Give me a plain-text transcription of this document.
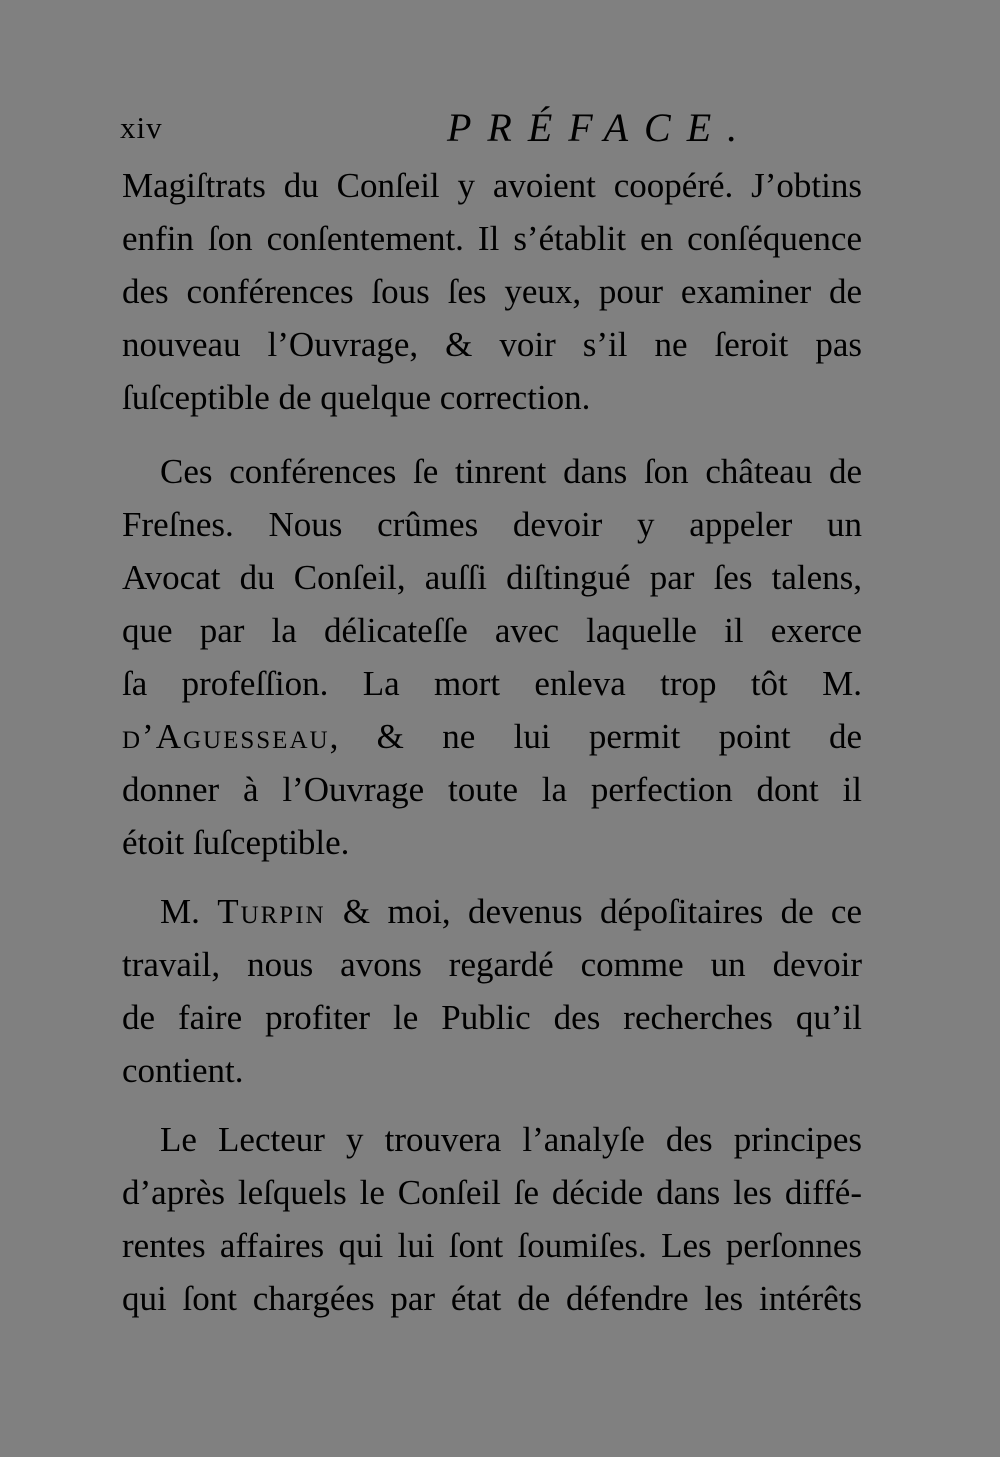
xiv	PRÉFACE.
Magiſtrats du Conſeil y avoient coopéré. J’obtins
enfin ſon conſentement. Il s’établit en conſéquence
des conférences ſous ſes yeux, pour examiner de
nouveau l’Ouvrage, & voir s’il ne ſeroit pas
ſuſceptible de quelque correction.
Ces conférences ſe tinrent dans ſon château de
Freſnes. Nous crûmes devoir y appeler un
Avocat du Conſeil, auſſi diſtingué par ſes talens,
que par la délicateſſe avec laquelle il exerce
ſa profeſſion. La mort enleva trop tôt M.
d’Aguesseau, & ne lui permit point de
donner à l’Ouvrage toute la perfection dont il
étoit ſuſceptible.
M. Turpin & moi, devenus dépoſitaires de ce
travail, nous avons regardé comme un devoir
de faire profiter le Public des recherches qu’il
contient.
Le Lecteur y trouvera l’analyſe des principes
d’après leſquels le Conſeil ſe décide dans les diffé-
rentes affaires qui lui ſont ſoumiſes. Les perſonnes
qui ſont chargées par état de défendre les intérêts
